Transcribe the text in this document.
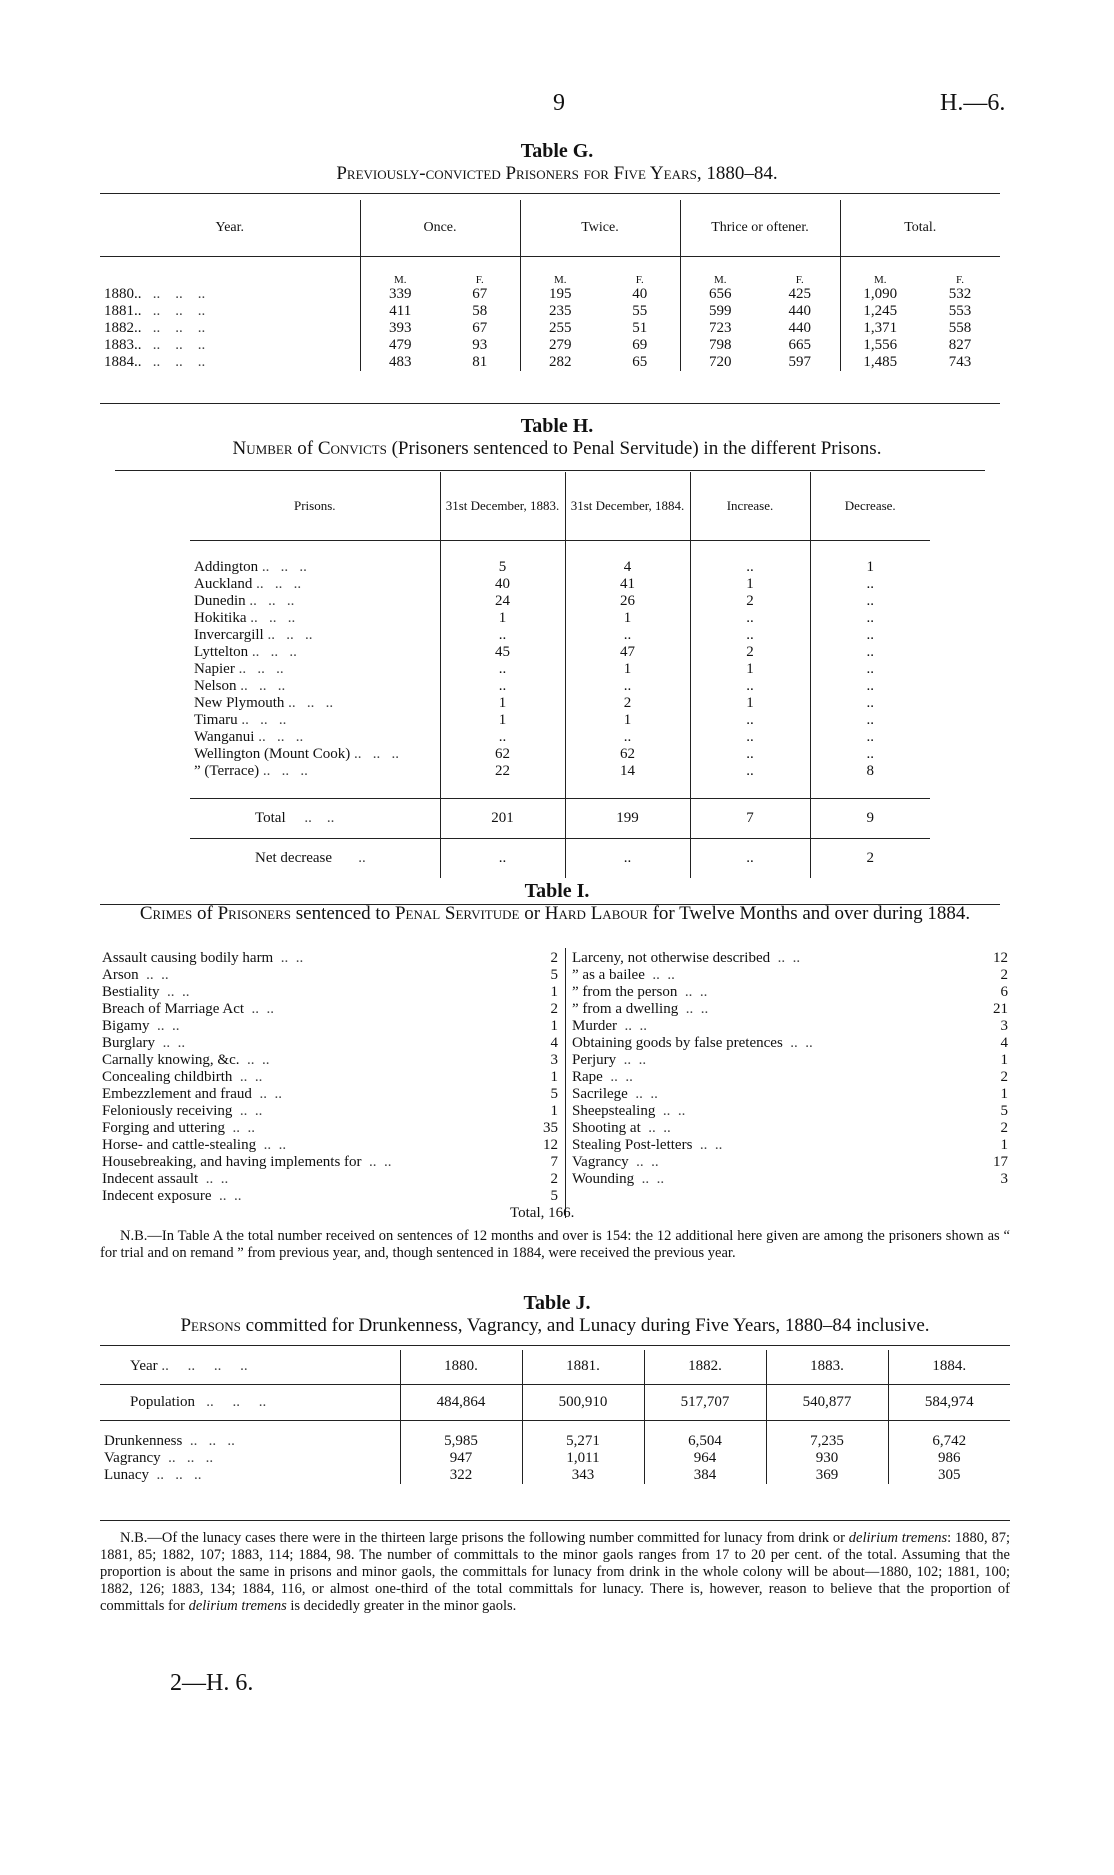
9	H.—6.
Table G.
Previously-convicted Prisoners for Five Years, 1880–84.
Year.	Once.		Twice.		Thrice or oftener.		Total.	
	M.	F.	M.	F.	M.	F.	M.	F.
1880..   ..    ..    ..	339	67	195	40	656	425	1,090	532
1881..   ..    ..    ..	411	58	235	55	599	440	1,245	553
1882..   ..    ..    ..	393	67	255	51	723	440	1,371	558
1883..   ..    ..    ..	479	93	279	69	798	665	1,556	827
1884..   ..    ..    ..	483	81	282	65	720	597	1,485	743
Table H.
Number of Convicts (Prisoners sentenced to Penal Servitude) in the different Prisons.
Prisons.	31st December, 1883.	31st December, 1884.	Increase.	Decrease.
Addington ..   ..   ..	5	4	..	1
Auckland ..   ..   ..	40	41	1	..
Dunedin ..   ..   ..	24	26	2	..
Hokitika ..   ..   ..	1	1	..	..
Invercargill ..   ..   ..	..	..	..	..
Lyttelton ..   ..   ..	45	47	2	..
Napier ..   ..   ..	..	1	1	..
Nelson ..   ..   ..	..	..	..	..
New Plymouth ..   ..   ..	1	2	1	..
Timaru ..   ..   ..	1	1	..	..
Wanganui ..   ..   ..	..	..	..	..
Wellington (Mount Cook) ..   ..   ..	62	62	..	..
” (Terrace) ..   ..   ..	22	14	..	8
Total     ..    ..	201	199	7	9
Net decrease       ..	..	..	..	2
Table I.
Crimes of Prisoners sentenced to Penal Servitude or Hard Labour for Twelve Months and over during 1884.
Assault causing bodily harm  ..  ..	2
Arson  ..  ..	5
Bestiality  ..  ..	1
Breach of Marriage Act  ..  ..	2
Bigamy  ..  ..	1
Burglary  ..  ..	4
Carnally knowing, &c.  ..  ..	3
Concealing childbirth  ..  ..	1
Embezzlement and fraud  ..  ..	5
Feloniously receiving  ..  ..	1
Forging and uttering  ..  ..	35
Horse- and cattle-stealing  ..  ..	12
Housebreaking, and having implements for  ..  ..	7
Indecent assault  ..  ..	2
Indecent exposure  ..  ..	5
Larceny, not otherwise described  ..  ..	12
” as a bailee  ..  ..	2
” from the person  ..  ..	6
” from a dwelling  ..  ..	21
Murder  ..  ..	3
Obtaining goods by false pretences  ..  ..	4
Perjury  ..  ..	1
Rape  ..  ..	2
Sacrilege  ..  ..	1
Sheepstealing  ..  ..	5
Shooting at  ..  ..	2
Stealing Post-letters  ..  ..	1
Vagrancy  ..  ..	17
Wounding  ..  ..	3
Total, 166.
N.B.—In Table A the total number received on sentences of 12 months and over is 154: the 12 additional here given are among the prisoners shown as “ for trial and on remand ” from previous year, and, though sentenced in 1884, were received the previous year.
Table J.
Persons committed for Drunkenness, Vagrancy, and Lunacy during Five Years, 1880–84 inclusive.
Year ..     ..     ..     ..	1880.	1881.	1882.	1883.	1884.
Population   ..     ..     ..	484,864	500,910	517,707	540,877	584,974
Drunkenness  ..   ..   ..	5,985	5,271	6,504	7,235	6,742
Vagrancy  ..   ..   ..	947	1,011	964	930	986
Lunacy  ..   ..   ..	322	343	384	369	305
N.B.—Of the lunacy cases there were in the thirteen large prisons the following number committed for lunacy from drink or delirium tremens: 1880, 87; 1881, 85; 1882, 107; 1883, 114; 1884, 98. The number of committals to the minor gaols ranges from 17 to 20 per cent. of the total. Assuming that the proportion is about the same in prisons and minor gaols, the committals for lunacy from drink in the whole colony will be about—1880, 102; 1881, 100; 1882, 126; 1883, 134; 1884, 116, or almost one-third of the total committals for lunacy. There is, however, reason to believe that the proportion of committals for delirium tremens is decidedly greater in the minor gaols.
2—H. 6.
